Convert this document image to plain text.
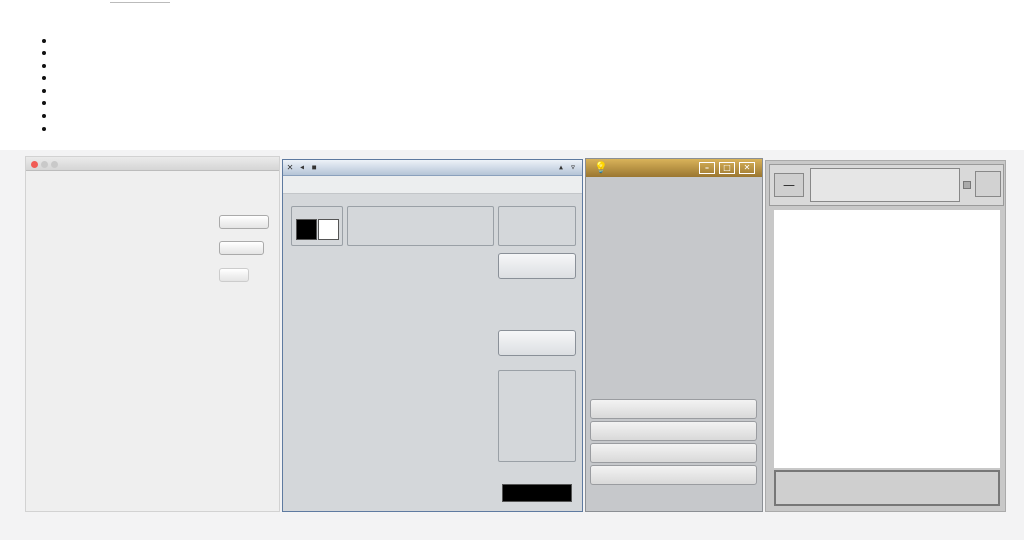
✕ ◂ ▪	▴ ▿ 💡	–	□	✕
—
